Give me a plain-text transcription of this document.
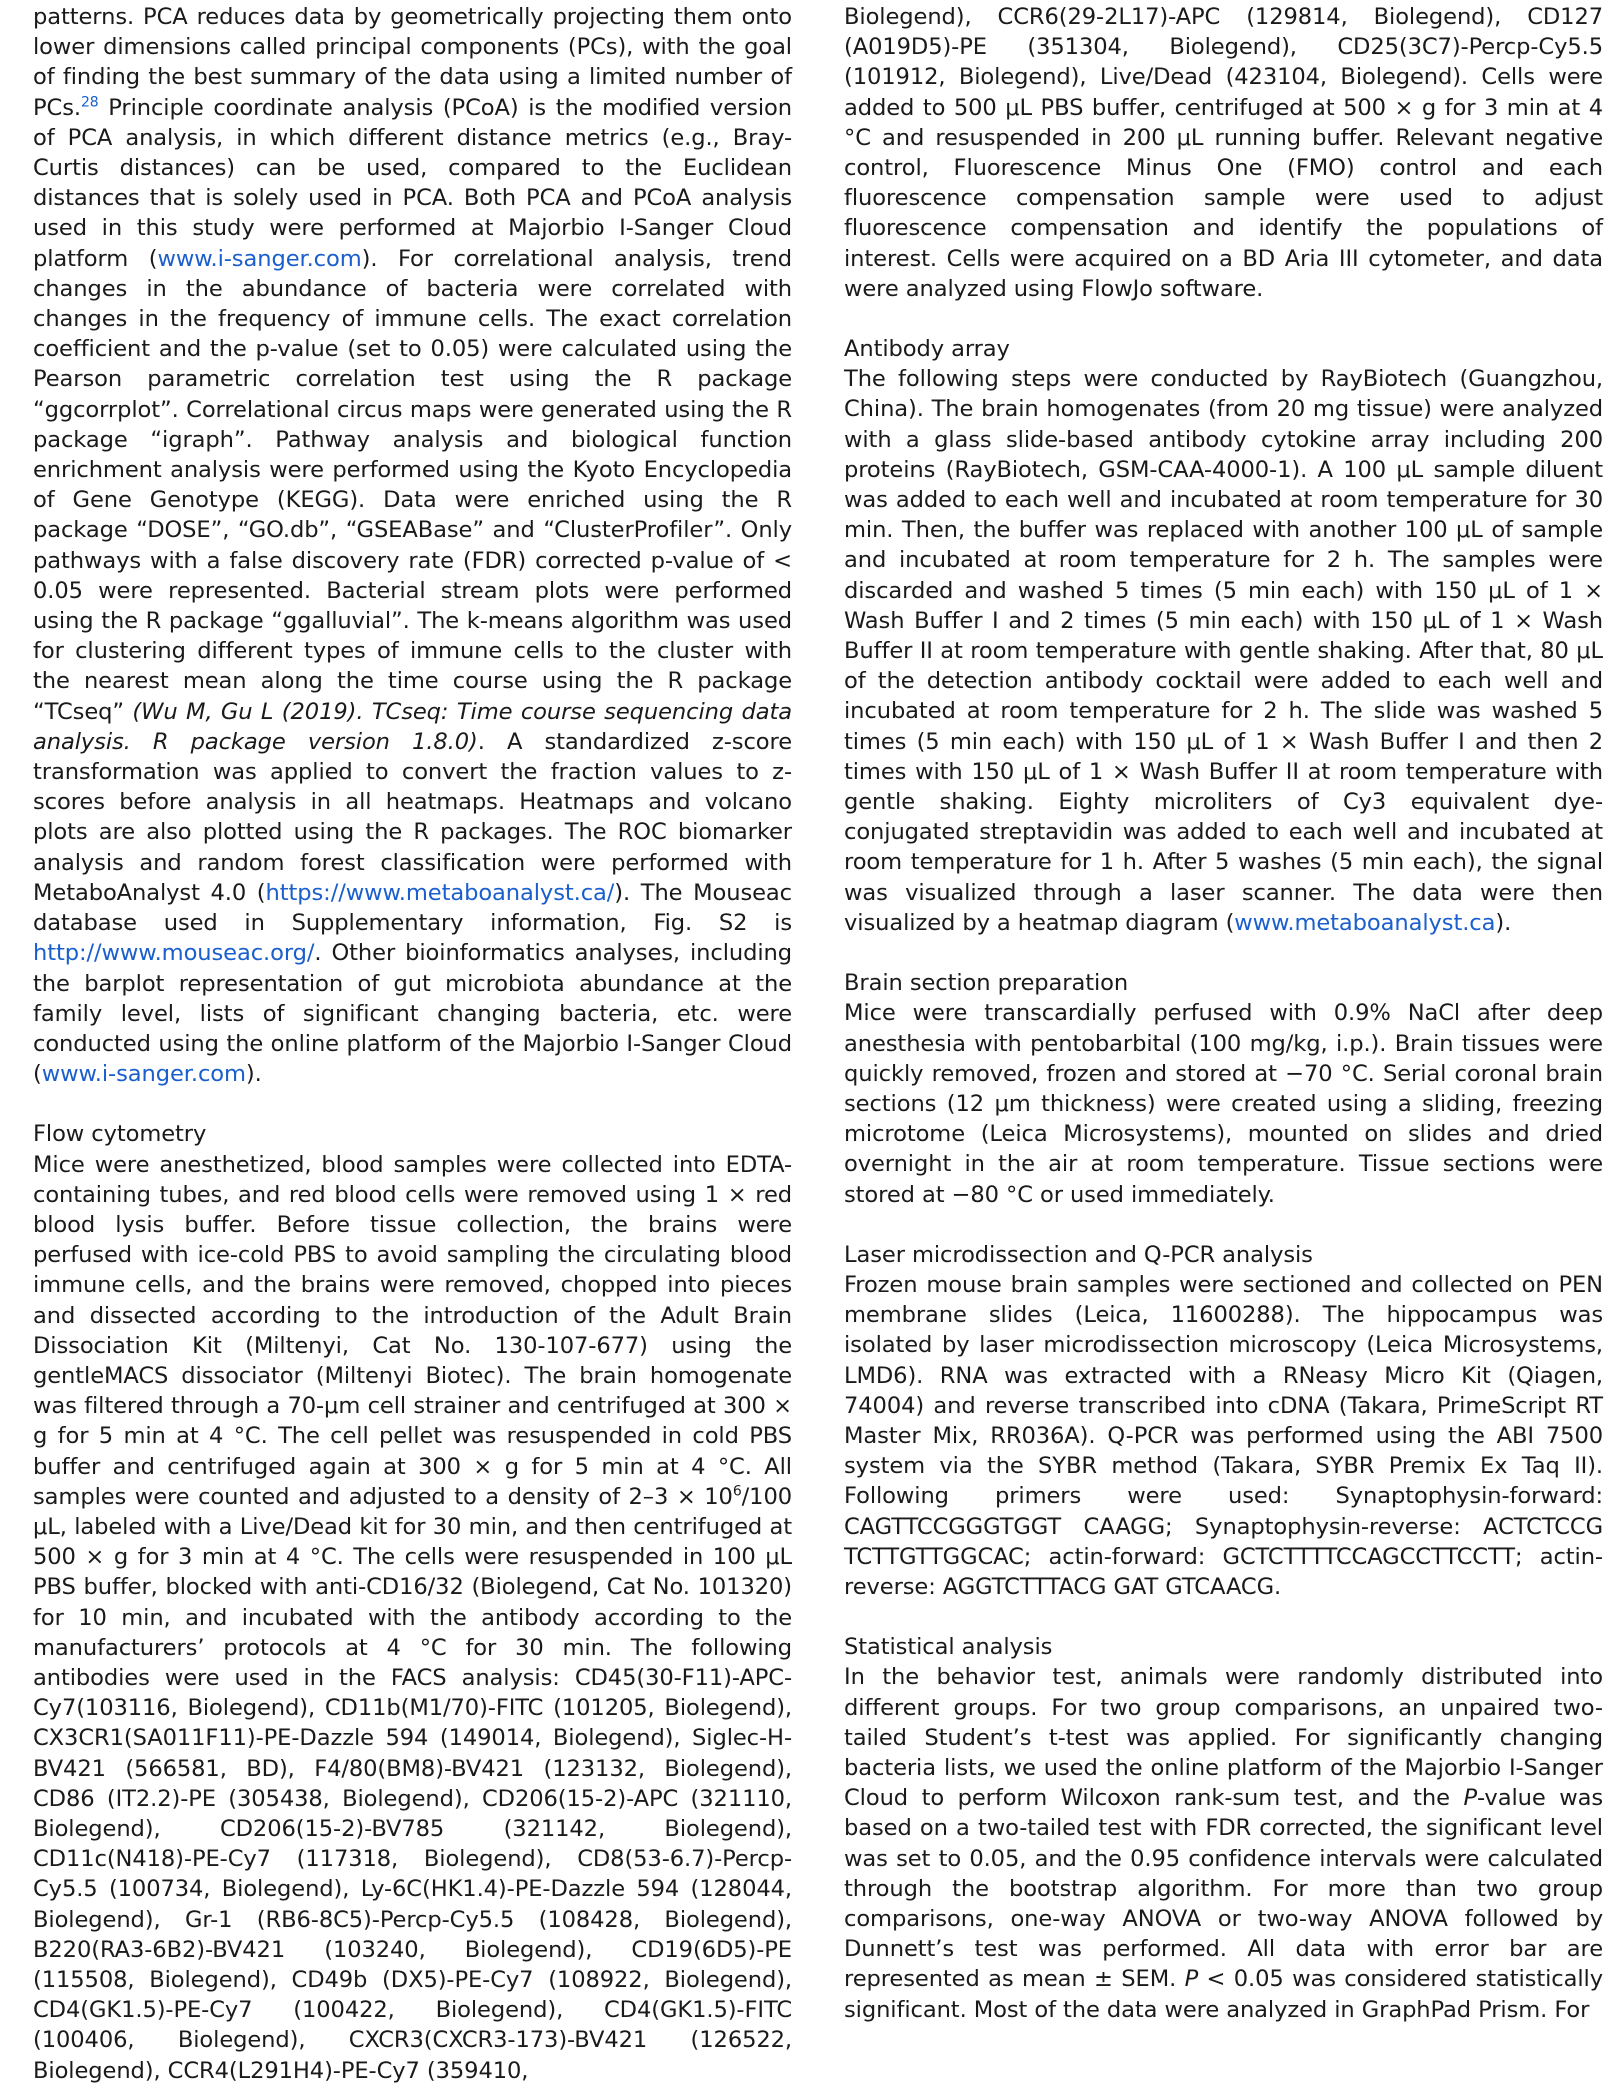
patterns. PCA reduces data by geometrically projecting them onto lower dimensions called principal components (PCs), with the goal of finding the best summary of the data using a limited number of PCs.$^{28}$ Principle coordinate analysis (PCoA) is the modified version of PCA analysis, in which different distance metrics (e.g., Bray-Curtis distances) can be used, compared to the Euclidean distances that is solely used in PCA. Both PCA and PCoA analysis used in this study were performed at Majorbio I-Sanger Cloud platform (www.i-sanger.com). For correlational analysis, trend changes in the abundance of bacteria were correlated with changes in the frequency of immune cells. The exact correlation coefficient and the p-value (set to 0.05) were calculated using the Pearson parametric correlation test using the R package “ggcorrplot”. Correlational circus maps were generated using the R package “igraph”. Pathway analysis and biological function enrichment analysis were performed using the Kyoto Encyclopedia of Gene Genotype (KEGG). Data were enriched using the R package “DOSE”, “GO.db”, “GSEABase” and “ClusterProfiler”. Only pathways with a false discovery rate (FDR) corrected p-value of < 0.05 were represented. Bacterial stream plots were performed using the R package “ggalluvial”. The k-means algorithm was used for clustering different types of immune cells to the cluster with the nearest mean along the time course using the R package “TCseq” (Wu M, Gu L (2019). TCseq: Time course sequencing data analysis. R package version 1.8.0). A standardized z-score transformation was applied to convert the fraction values to z-scores before analysis in all heatmaps. Heatmaps and volcano plots are also plotted using the R packages. The ROC biomarker analysis and random forest classification were performed with MetaboAnalyst 4.0 (https://www.metaboanalyst.ca/). The Mouseac database used in Supplementary information, Fig. S2 is http://www.mouseac.org/. Other bioinformatics analyses, including the barplot representation of gut microbiota abundance at the family level, lists of significant changing bacteria, etc. were conducted using the online platform of the Majorbio I-Sanger Cloud (www.i-sanger.com).

Flow cytometry

Mice were anesthetized, blood samples were collected into EDTA-containing tubes, and red blood cells were removed using 1 × red blood lysis buffer. Before tissue collection, the brains were perfused with ice-cold PBS to avoid sampling the circulating blood immune cells, and the brains were removed, chopped into pieces and dissected according to the introduction of the Adult Brain Dissociation Kit (Miltenyi, Cat No. 130-107-677) using the gentleMACS dissociator (Miltenyi Biotec). The brain homogenate was filtered through a 70-μm cell strainer and centrifuged at 300 × g for 5 min at 4 °C. The cell pellet was resuspended in cold PBS buffer and centrifuged again at 300 × g for 5 min at 4 °C. All samples were counted and adjusted to a density of $2-3 \times 10^6/100$ μL, labeled with a Live/Dead kit for 30 min, and then centrifuged at 500 × g for 3 min at 4 °C. The cells were resuspended in 100 μL PBS buffer, blocked with anti-CD16/32 (Biolegend, Cat No. 101320) for 10 min, and incubated with the antibody according to the manufacturers’ protocols at 4 °C for 30 min. The following antibodies were used in the FACS analysis: CD45(30-F11)-APC-Cy7(103116, Biolegend), CD11b(M1/70)-FITC (101205, Biolegend), CX3CR1(SA011F11)-PE-Dazzle 594 (149014, Biolegend), Siglec-H-BV421 (566581, BD), F4/80(BM8)-BV421 (123132, Biolegend), CD86 (IT2.2)-PE (305438, Biolegend), CD206(15-2)-APC (321110, Biolegend), CD206(15-2)-BV785 (321142, Biolegend), CD11c(N418)-PE-Cy7 (117318, Biolegend), CD8(53-6.7)-Percp-Cy5.5 (100734, Biolegend), Ly-6C(HK1.4)-PE-Dazzle 594 (128044, Biolegend), Gr-1 (RB6-8C5)-Percp-Cy5.5 (108428, Biolegend), B220(RA3-6B2)-BV421 (103240, Biolegend), CD19(6D5)-PE (115508, Biolegend), CD49b (DX5)-PE-Cy7 (108922, Biolegend), CD4(GK1.5)-PE-Cy7 (100422, Biolegend), CD4(GK1.5)-FITC (100406, Biolegend), CXCR3(CXCR3-173)-BV421 (126522, Biolegend), CCR4(L291H4)-PE-Cy7 (359410,

Biolegend), CCR6(29-2L17)-APC (129814, Biolegend), CD127 (A019D5)-PE (351304, Biolegend), CD25(3C7)-Percp-Cy5.5 (101912, Biolegend), Live/Dead (423104, Biolegend). Cells were added to 500 μL PBS buffer, centrifuged at 500 × g for 3 min at 4 °C and resuspended in 200 μL running buffer. Relevant negative control, Fluorescence Minus One (FMO) control and each fluorescence compensation sample were used to adjust fluorescence compensation and identify the populations of interest. Cells were acquired on a BD Aria III cytometer, and data were analyzed using FlowJo software.

Antibody array

The following steps were conducted by RayBiotech (Guangzhou, China). The brain homogenates (from 20 mg tissue) were analyzed with a glass slide-based antibody cytokine array including 200 proteins (RayBiotech, GSM-CAA-4000-1). A 100 μL sample diluent was added to each well and incubated at room temperature for 30 min. Then, the buffer was replaced with another 100 μL of sample and incubated at room temperature for 2 h. The samples were discarded and washed 5 times (5 min each) with 150 μL of 1 × Wash Buffer I and 2 times (5 min each) with 150 μL of 1 × Wash Buffer II at room temperature with gentle shaking. After that, 80 μL of the detection antibody cocktail were added to each well and incubated at room temperature for 2 h. The slide was washed 5 times (5 min each) with 150 μL of 1 × Wash Buffer I and then 2 times with 150 μL of 1 × Wash Buffer II at room temperature with gentle shaking. Eighty microliters of Cy3 equivalent dye-conjugated streptavidin was added to each well and incubated at room temperature for 1 h. After 5 washes (5 min each), the signal was visualized through a laser scanner. The data were then visualized by a heatmap diagram (www.metaboanalyst.ca).

Brain section preparation

Mice were transcardially perfused with 0.9% NaCl after deep anesthesia with pentobarbital (100 mg/kg, i.p.). Brain tissues were quickly removed, frozen and stored at −70 °C. Serial coronal brain sections (12 μm thickness) were created using a sliding, freezing microtome (Leica Microsystems), mounted on slides and dried overnight in the air at room temperature. Tissue sections were stored at −80 °C or used immediately.

Laser microdissection and Q-PCR analysis

Frozen mouse brain samples were sectioned and collected on PEN membrane slides (Leica, 11600288). The hippocampus was isolated by laser microdissection microscopy (Leica Microsystems, LMD6). RNA was extracted with a RNeasy Micro Kit (Qiagen, 74004) and reverse transcribed into cDNA (Takara, PrimeScript RT Master Mix, RR036A). Q-PCR was performed using the ABI 7500 system via the SYBR method (Takara, SYBR Premix Ex Taq II). Following primers were used: Synaptophysin-forward: CAGTTCCGGGTGGT CAAGG; Synaptophysin-reverse: ACTCTCCG TCTTGTTGGCAC; actin-forward: GCTCTTTTCCAGCCTTCCTT; actin-reverse: AGGTCTTTACG GAT GTCAACG.

Statistical analysis

In the behavior test, animals were randomly distributed into different groups. For two group comparisons, an unpaired two-tailed Student’s t-test was applied. For significantly changing bacteria lists, we used the online platform of the Majorbio I-Sanger Cloud to perform Wilcoxon rank-sum test, and the P-value was based on a two-tailed test with FDR corrected, the significant level was set to 0.05, and the 0.95 confidence intervals were calculated through the bootstrap algorithm. For more than two group comparisons, one-way ANOVA or two-way ANOVA followed by Dunnett’s test was performed. All data with error bar are represented as mean ± SEM. P < 0.05 was considered statistically significant. Most of the data were analyzed in GraphPad Prism. For
